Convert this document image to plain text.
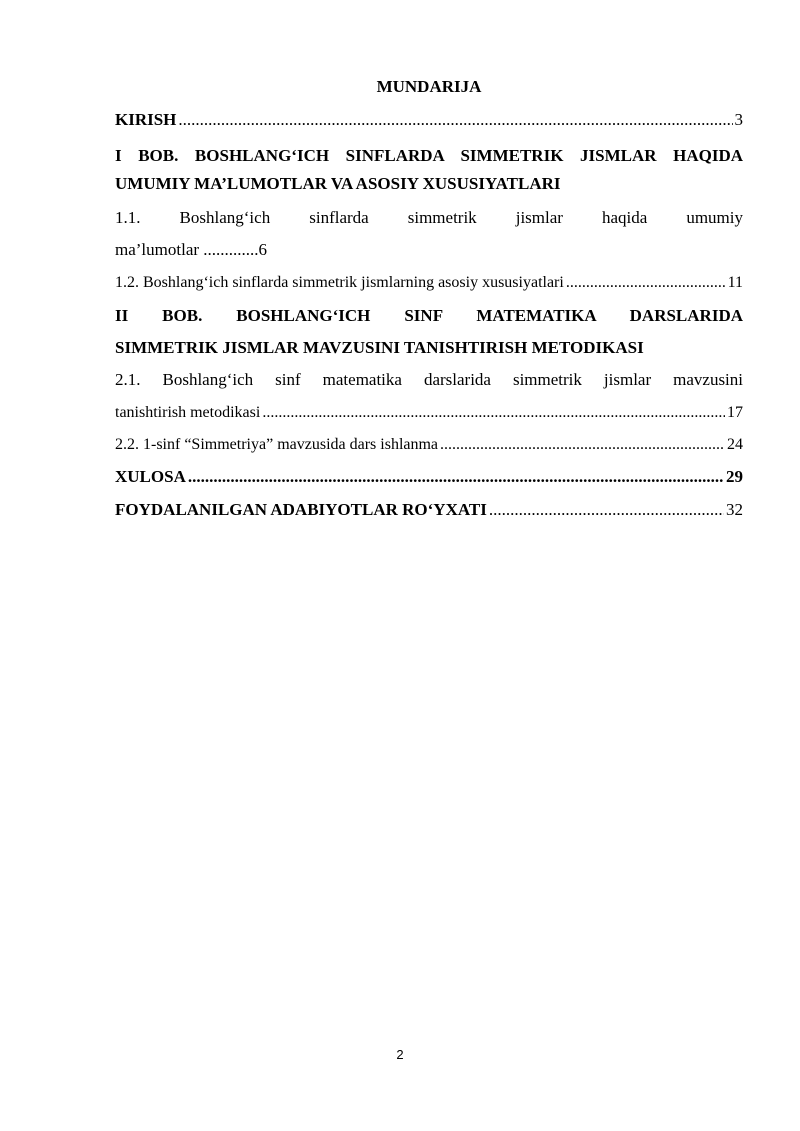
MUNDARIJA
KIRISH .....	3
I BOB. BOSHLANG‘ICH SINFLARDA SIMMETRIK JISMLAR HAQIDA
UMUMIY MA’LUMOTLAR VA ASOSIY XUSUSIYATLARI
1.1. Boshlang‘ich sinflarda simmetrik jismlar haqida umumiy
ma’lumotlar .............6
1.2. Boshlang‘ich sinflarda simmetrik jismlarning asosiy xususiyatlari .....	11
II BOB. BOSHLANG‘ICH SINF MATEMATIKA DARSLARIDA
SIMMETRIK JISMLAR MAVZUSINI TANISHTIRISH METODIKASI
2.1. Boshlang‘ich sinf matematika darslarida simmetrik jismlar mavzusini
tanishtirish metodikasi .....	17
2.2. 1-sinf “Simmetriya” mavzusida dars ishlanma .....	24
XULOSA .....	29
FOYDALANILGAN ADABIYOTLAR RO‘YXATI .....	32
2
